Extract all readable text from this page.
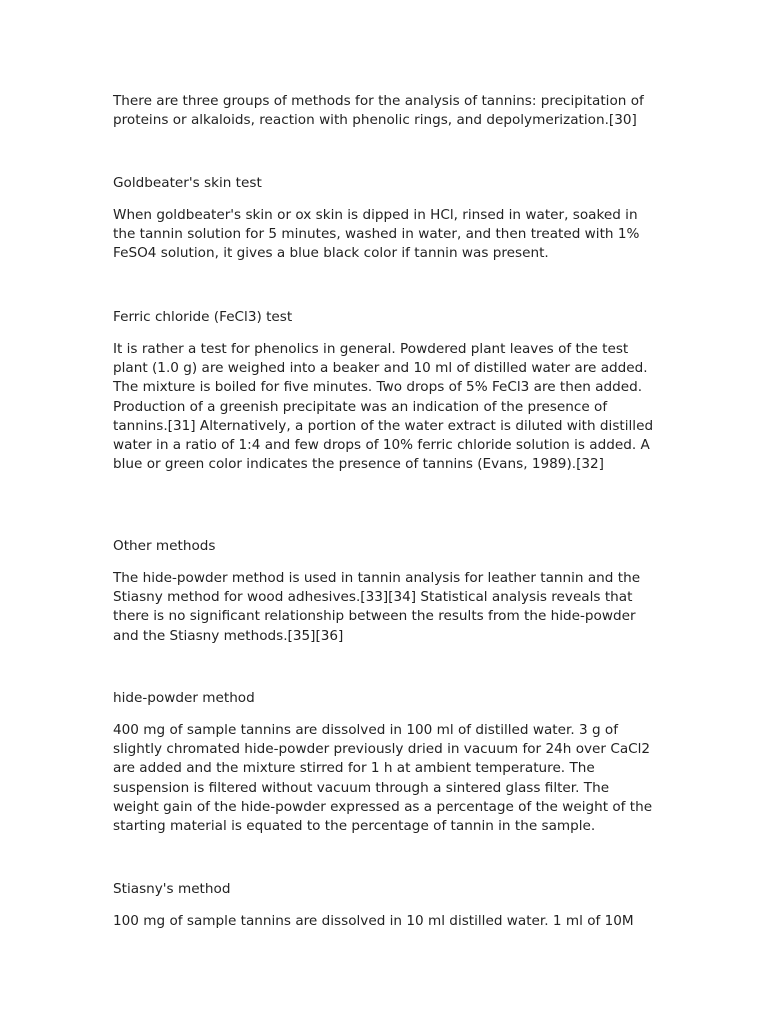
There are three groups of methods for the analysis of tannins: precipitation of proteins or alkaloids, reaction with phenolic rings, and depolymerization.[30]

Goldbeater's skin test

When goldbeater's skin or ox skin is dipped in HCl, rinsed in water, soaked in the tannin solution for 5 minutes, washed in water, and then treated with 1% FeSO4 solution, it gives a blue black color if tannin was present.

Ferric chloride (FeCl3) test

It is rather a test for phenolics in general. Powdered plant leaves of the test plant (1.0 g) are weighed into a beaker and 10 ml of distilled water are added. The mixture is boiled for five minutes. Two drops of 5% FeCl3 are then added. Production of a greenish precipitate was an indication of the presence of tannins.[31] Alternatively, a portion of the water extract is diluted with distilled water in a ratio of 1:4 and few drops of 10% ferric chloride solution is added. A blue or green color indicates the presence of tannins (Evans, 1989).[32]

Other methods

The hide-powder method is used in tannin analysis for leather tannin and the Stiasny method for wood adhesives.[33][34] Statistical analysis reveals that there is no significant relationship between the results from the hide-powder and the Stiasny methods.[35][36]

hide-powder method

400 mg of sample tannins are dissolved in 100 ml of distilled water. 3 g of slightly chromated hide-powder previously dried in vacuum for 24h over CaCl2 are added and the mixture stirred for 1 h at ambient temperature. The suspension is filtered without vacuum through a sintered glass filter. The weight gain of the hide-powder expressed as a percentage of the weight of the starting material is equated to the percentage of tannin in the sample.

Stiasny's method

100 mg of sample tannins are dissolved in 10 ml distilled water. 1 ml of 10M
